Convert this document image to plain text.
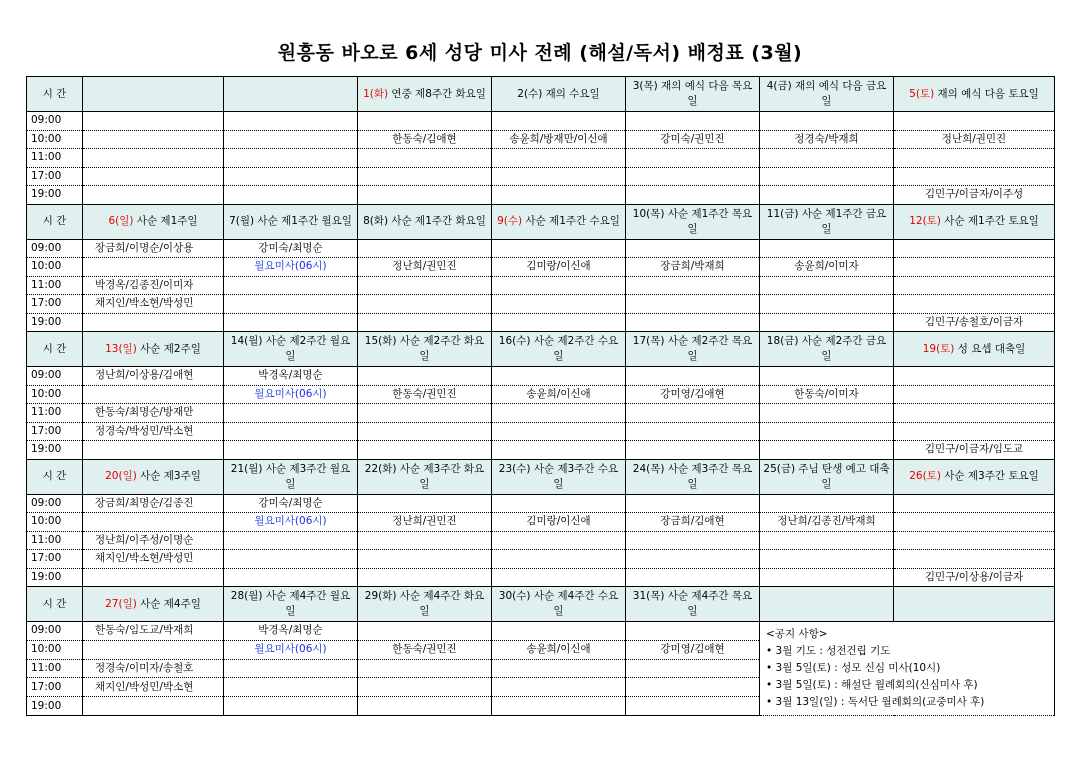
원흥동 바오로 6세 성당 미사 전례 (해설/독서) 배정표 (3월)
시 간			1(화) 연중 제8주간 화요일	2(수) 재의 수요일	3(목) 재의 예식 다음 목요일	4(금) 재의 예식 다음 금요일	5(토) 재의 예식 다음 토요일	
09:00								
10:00			한동숙/김애현	송윤희/방재만/이신애	강미숙/권민진	정경숙/박재희	정난희/권민진	
11:00								
17:00								
19:00							김민구/이금자/이주성	
시 간	6(일) 사순 제1주일	7(월) 사순 제1주간 월요일	8(화) 사순 제1주간 화요일	9(수) 사순 제1주간 수요일	10(목) 사순 제1주간 목요일	11(금) 사순 제1주간 금요일	12(토) 사순 제1주간 토요일	
09:00	장금희/이명순/이상용	강미숙/최명순						
10:00		월요미사(06시)	정난희/권민진	김미랑/이신애	장금희/박재희	송윤희/이미자		
11:00	박경옥/김종진/이미자							
17:00	채지인/박소현/박성민							
19:00							김민구/송철호/이금자	
시 간	13(일) 사순 제2주일	14(월) 사순 제2주간 월요일	15(화) 사순 제2주간 화요일	16(수) 사순 제2주간 수요일	17(목) 사순 제2주간 목요일	18(금) 사순 제2주간 금요일	19(토) 성 요셉 대축일	
09:00	정난희/이상용/김애현	박경옥/최명순						
10:00		월요미사(06시)	한동숙/권민진	송윤희/이신애	강미영/김애현	한동숙/이미자		
11:00	한동숙/최명순/방재만							
17:00	정경숙/박성민/박소현							
19:00							김민구/이금자/임도교	
시 간	20(일) 사순 제3주일	21(월) 사순 제3주간 월요일	22(화) 사순 제3주간 화요일	23(수) 사순 제3주간 수요일	24(목) 사순 제3주간 목요일	25(금) 주님 탄생 예고 대축일	26(토) 사순 제3주간 토요일	
09:00	장금희/최명순/김종진	강미숙/최명순						
10:00		월요미사(06시)	정난희/권민진	김미랑/이신애	장금희/김애현	정난희/김종진/박재희		
11:00	정난희/이주성/이명순							
17:00	채지인/박소현/박성민							
19:00							김민구/이상용/이금자	
시 간	27(일) 사순 제4주일	28(월) 사순 제4주간 월요일	29(화) 사순 제4주간 화요일	30(수) 사순 제4주간 수요일	31(목) 사순 제4주간 목요일			
09:00	한동숙/임도교/박재희	박경옥/최명순				<공지 사항>
• 3월 기도 : 성전건립 기도
• 3월 5일(토) : 성모 신심 미사(10시)
• 3월 5일(토) : 해설단 월례회의(신심미사 후)
• 3월 13일(일) : 독서단 월례회의(교중미사 후)

10:00		월요미사(06시)	한동숙/권민진	송윤희/이신애	강미영/김애현			
11:00	정경숙/이미자/송철호							
17:00	채지인/박성민/박소현							
19:00								
